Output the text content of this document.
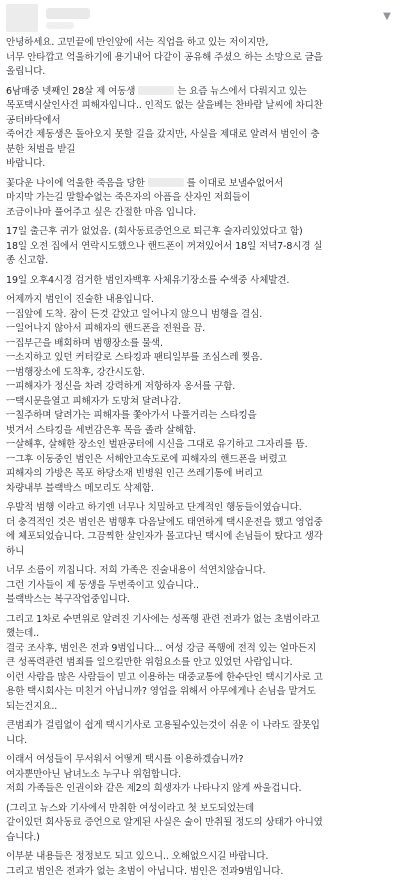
▼

안녕하세요. 고민끝에 만인앞에 서는 직업을 하고 있는 저이지만,

너무 안타깝고 억울하기에 용기내어 다같이 공유해 주셨으 하는 소망으로 글을

올립니다.

6남매중 넷째인 28살 제 여동생	는 요즘 뉴스에서 다뤄지고 있는

목포택시살인사건 피해자입니다.. 인적도 없는 살을베는 찬바람 날씨에 차디찬

공터바닥에서

죽어간 제동생은 돌아오지 못할 길을 갔지만, 사실을 제대로 알려서 범인이 충

분한 처벌을 받길

바랍니다.

꽃다운 나이에 억울한 죽음을 당한	를 이대로 보낼수없어서

마지막 가는길 말할수없는 죽은자의 아픔을 산자인 저희들이

조금이나마 풀어주고 싶은 간절한 마음 입니다.

17일 출근후 귀가 없었음. (회사동료증언으로 퇴근후 술자리있었다고 함)

18일 오전 집에서 연락시도했으나 핸드폰이 꺼져있어서 18일 저녁7-8시경 실

종 신고함.

19일 오후4시경 검거한 범인자백후 사체유기장소를 수색중 사체발견.

어제까지 범인이 진술한 내용입니다.

ㅡ집앞에 도착. 잠이 든것 같았고 일어나지 않으니 범행을 결심.

ㅡ일어나지 않아서 피해자의 핸드폰을 전원을 끔.

ㅡ집부근을 배회하며 범행장소를 물색.

ㅡ소지하고 있던 커터칼로 스타킹과 팬티일부를 조심스레 찢음.

ㅡ범행장소에 도착후, 강간시도함.

ㅡ피해자가 정신을 차려 강력하게 저항하자 옹서를 구함.

ㅡ택시문을열고 피해자가 도망쳐 달려나감.

ㅡ칠주하며 달려가는 피해자를 쫓아가서 나풀거리는 스타킹을

벗겨서 스타킹을 세번감은후 목을 졸라 살해함.

ㅡ살해후, 살해한 장소인 벌판공터에 시신을 그대로 유기하고 그자리를 뜸.

ㅡ그후 이동중인 범인은 서해안고속도로에 피해자의 핸드폰을 버렸고

피해자의 가방은 목포 하당소재 빈병원 인근 쓰레기통에 버리고

차량내부 블랙박스 메모리도 삭제함.

우발적 범행 이라고 하기엔 너무나 치밀하고 단계적인 행동들이였습니다.

더 충격적인 것은 범인은 범행후 다음날에도 태연하게 택시운전을 했고 영업중

에 체포되었습니다. 그끔찍한 살인자가 몰고다닌 택시에 손님들이 탔다고 생각

하니

너무 소름이 끼칩니다. 저희 가족은 진술내용이 석연치않습니다.

그런 기사들이 제 동생을 두번죽이고 있습니다..

블랙박스는 복구작업중입니다.

그리고 1차로 수면위로 알려진 기사에는 성폭행 관련 전과가 없는 초범이라고

했는데..

결국 조사후, 범인은 전과 9범입니다... 여성 강금 폭행에 전적 있는 얼마든지

큰 성폭력관련 범죄를 일으킬만한 위험요소를 안고 있었던 사람입니다.

이런 사람을 많은 사람들이 믿고 이용하는 대중교통에 한수단인 택시기사로 고

용한 택시회사는 미친거 아닙니까? 영업을 위해서 아무에게나 손님을 맡겨도

되는건지요..

큰범죄가 걸림없이 쉽게 택시기사로 고용될수있는것이 쉬운 이 나라도 잘못입

니다.

이래서 여성들이 무서워서 어떻게 택시를 이용하겠습니까?

여자뿐만아닌 남녀노소 누구나 위험합니다.

저희 가족들은 인권이와 같은 제2의 희생자가 나타나지 않게 싸울겁니다.

(그리고 뉴스와 기사에서 만취한 여성이라고 첫 보도되었는데

같이있던 회사동료 증언으로 알게된 사실은 술이 만취될 정도의 상태가 아니였

습니다.)

이부분 내용들은 정정보도 되고 있으니.. 오해없으시길 바랍니다.

그리고 범인은 전과가 없는 초범이 아닙니다. 범인은 전과9범입니다.
